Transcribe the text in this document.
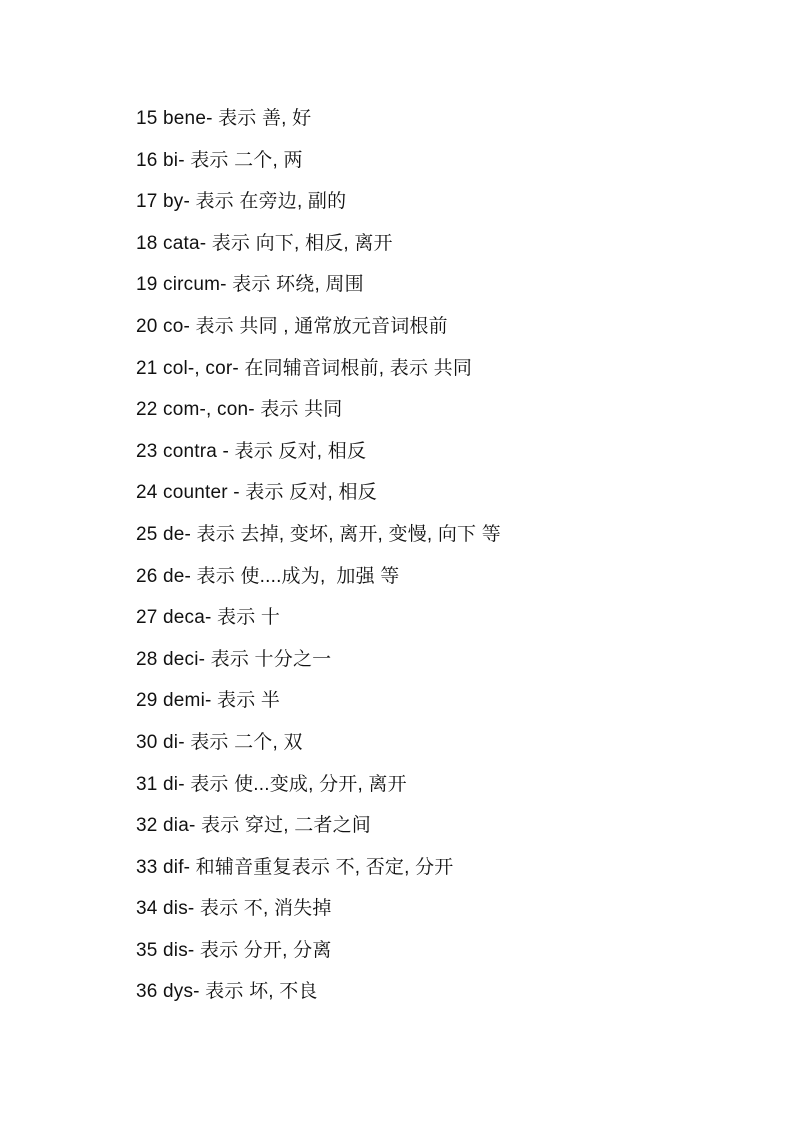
15 bene- 表示 善, 好
16 bi- 表示 二个, 两
17 by- 表示 在旁边, 副的
18 cata- 表示 向下, 相反, 离开
19 circum- 表示 环绕, 周围
20 co- 表示 共同 , 通常放元音词根前
21 col-, cor- 在同辅音词根前, 表示 共同
22 com-, con- 表示 共同
23 contra - 表示 反对, 相反
24 counter - 表示 反对, 相反
25 de- 表示 去掉, 变坏, 离开, 变慢, 向下 等
26 de- 表示 使....成为,  加强 等
27 deca- 表示 十
28 deci- 表示 十分之一
29 demi- 表示 半
30 di- 表示 二个, 双
31 di- 表示 使...变成, 分开, 离开
32 dia- 表示 穿过, 二者之间
33 dif- 和辅音重复表示 不, 否定, 分开
34 dis- 表示 不, 消失掉
35 dis- 表示 分开, 分离
36 dys- 表示 坏, 不良
